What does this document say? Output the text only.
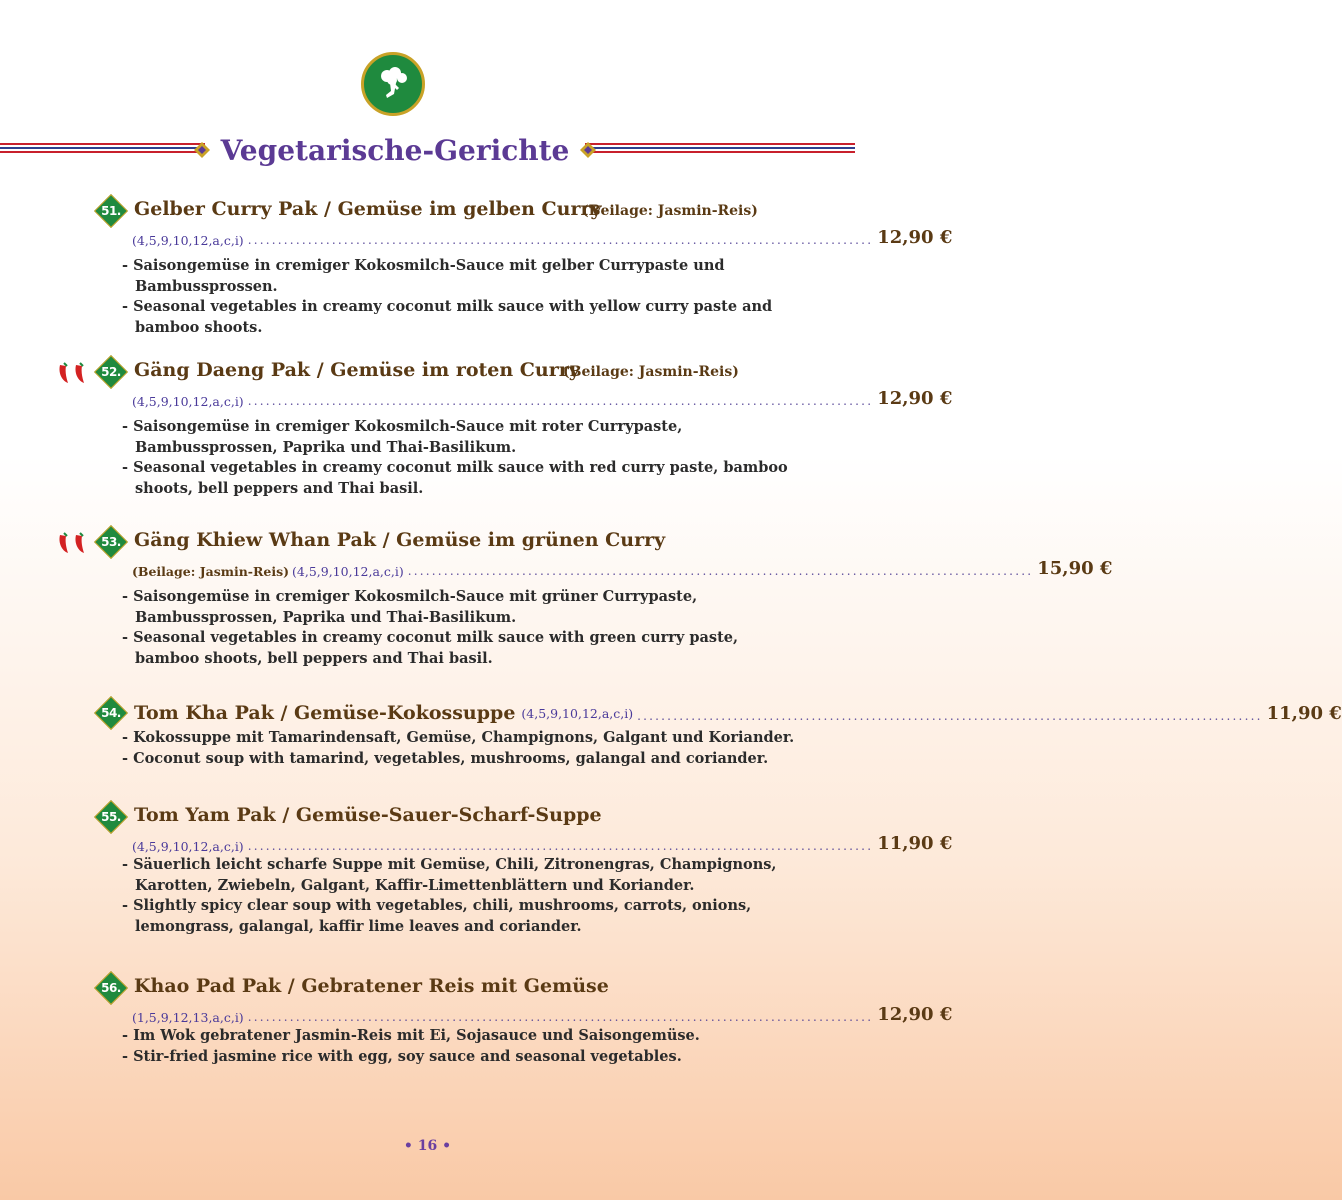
Vegetarische-Gerichte
51. Gelber Curry Pak / Gemüse im gelben Curry
(Beilage: Jasmin-Reis)
(4,5,9,10,12,a,c,i) ........................................................................................................ 12,90 €

- Saisongemüse in cremiger Kokosmilch-Sauce mit gelber Currypaste und Bambussprossen.

- Seasonal vegetables in creamy coconut milk sauce with yellow curry paste and bamboo shoots.

52. Gäng Daeng Pak / Gemüse im roten Curry
(Beilage: Jasmin-Reis)
(4,5,9,10,12,a,c,i) ........................................................................................................ 12,90 €

- Saisongemüse in cremiger Kokosmilch-Sauce mit roter Currypaste, Bambussprossen, Paprika und Thai-Basilikum.

- Seasonal vegetables in creamy coconut milk sauce with red curry paste, bamboo shoots, bell peppers and Thai basil.

53. Gäng Khiew Whan Pak / Gemüse im grünen Curry
(Beilage: Jasmin-Reis) (4,5,9,10,12,a,c,i) ........................................................................................................ 15,90 €

- Saisongemüse in cremiger Kokosmilch-Sauce mit grüner Currypaste, Bambussprossen, Paprika und Thai-Basilikum.

- Seasonal vegetables in creamy coconut milk sauce with green curry paste, bamboo shoots, bell peppers and Thai basil.

54. Tom Kha Pak / Gemüse-Kokossuppe (4,5,9,10,12,a,c,i) ........................................................................................................ 11,90 €

- Kokossuppe mit Tamarindensaft, Gemüse, Champignons, Galgant und Koriander.

- Coconut soup with tamarind, vegetables, mushrooms, galangal and coriander.

55. Tom Yam Pak / Gemüse-Sauer-Scharf-Suppe
(4,5,9,10,12,a,c,i) ........................................................................................................ 11,90 €

- Säuerlich leicht scharfe Suppe mit Gemüse, Chili, Zitronengras, Champignons, Karotten, Zwiebeln, Galgant, Kaffir-Limettenblättern und Koriander.

- Slightly spicy clear soup with vegetables, chili, mushrooms, carrots, onions, lemongrass, galangal, kaffir lime leaves and coriander.

56. Khao Pad Pak / Gebratener Reis mit Gemüse
(1,5,9,12,13,a,c,i) ........................................................................................................ 12,90 €

- Im Wok gebratener Jasmin-Reis mit Ei, Sojasauce und Saisongemüse.

- Stir-fried jasmine rice with egg, soy sauce and seasonal vegetables.

• 16 •
